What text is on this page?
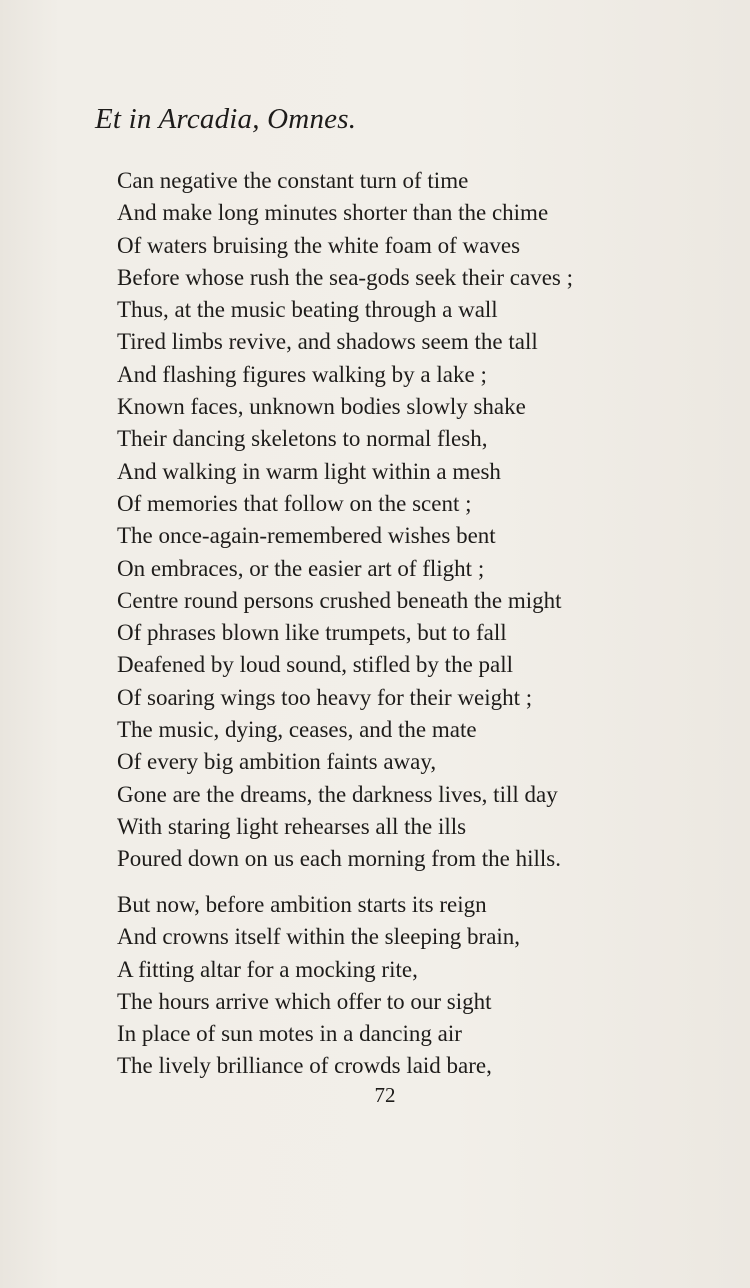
Et in Arcadia, Omnes.
Can negative the constant turn of time
And make long minutes shorter than the chime
Of waters bruising the white foam of waves
Before whose rush the sea-gods seek their caves ;
Thus, at the music beating through a wall
Tired limbs revive, and shadows seem the tall
And flashing figures walking by a lake ;
Known faces, unknown bodies slowly shake
Their dancing skeletons to normal flesh,
And walking in warm light within a mesh
Of memories that follow on the scent ;
The once-again-remembered wishes bent
On embraces, or the easier art of flight ;
Centre round persons crushed beneath the might
Of phrases blown like trumpets, but to fall
Deafened by loud sound, stifled by the pall
Of soaring wings too heavy for their weight ;
The music, dying, ceases, and the mate
Of every big ambition faints away,
Gone are the dreams, the darkness lives, till day
With staring light rehearses all the ills
Poured down on us each morning from the hills.
But now, before ambition starts its reign
And crowns itself within the sleeping brain,
A fitting altar for a mocking rite,
The hours arrive which offer to our sight
In place of sun motes in a dancing air
The lively brilliance of crowds laid bare,
72
